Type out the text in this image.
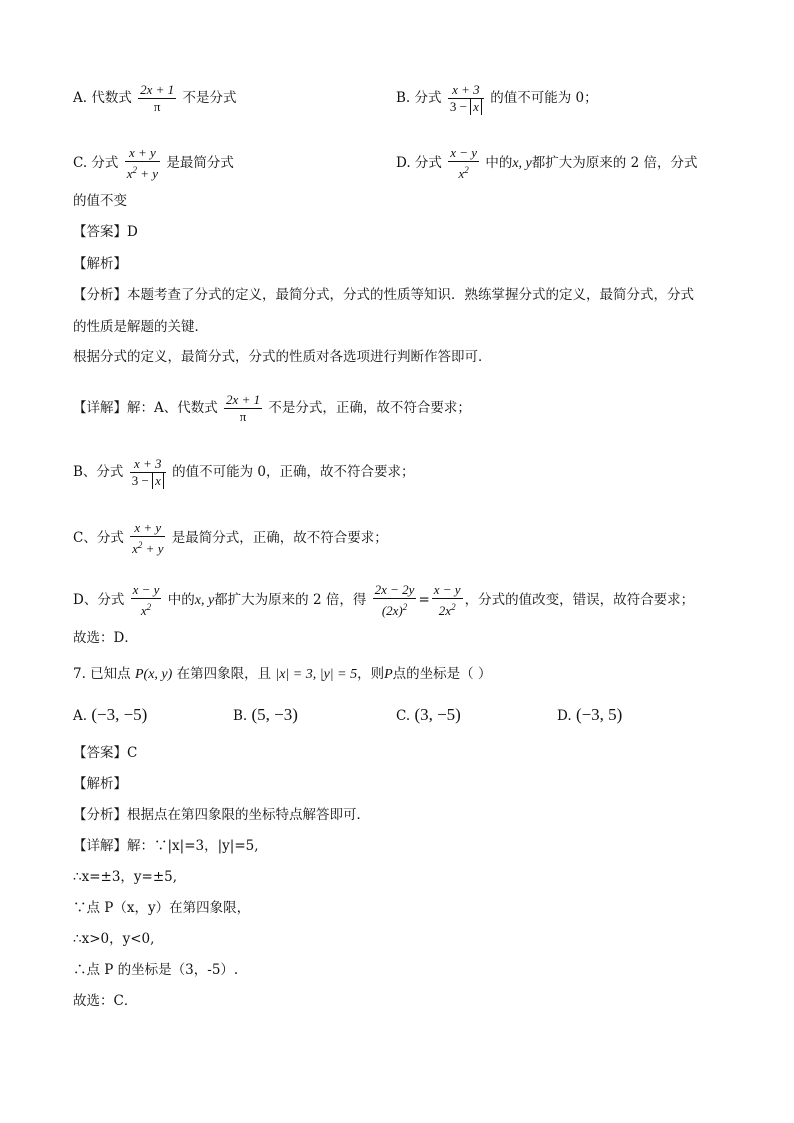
A. 代数式 $\frac{2x + 1}{\pi}$ 不是分式	B. 分式 $\frac{x + 3}{3 - x}$ 的值不可能为 0；
C. 分式 $\frac{x + y}{x^2 + y}$ 是最简分式	D. 分式 $\frac{x - y}{x^2}$ 中的x, y都扩大为原来的 2 倍，分式
的值不变
【答案】D
【解析】
【分析】本题考查了分式的定义，最简分式，分式的性质等知识．熟练掌握分式的定义，最简分式，分式
的性质是解题的关键．
根据分式的定义，最简分式，分式的性质对各选项进行判断作答即可．
【详解】解：A、代数式 $\frac{2x + 1}{\pi}$ 不是分式，正确，故不符合要求；
B、分式 $\frac{x + 3}{3 - x}$ 的值不可能为 0，正确，故不符合要求；
C、分式 $\frac{x + y}{x^2 + y}$ 是最简分式，正确，故不符合要求；
D、分式 $\frac{x - y}{x^2}$ 中的x, y都扩大为原来的 2 倍，得 $\frac{2x - 2y}{(2x)^2} = \frac{x - y}{2x^2}$ ，分式的值改变，错误，故符合要求；
故选：D．
7. 已知点 P(x, y) 在第四象限，且 |x| = 3, |y| = 5，则P点的坐标是（ ）
A. (−3, −5)	B. (5, −3)	C. (3, −5)	D. (−3, 5)
【答案】C
【解析】
【分析】根据点在第四象限的坐标特点解答即可．
【详解】解：∵|x|=3，|y|=5,
∴x=±3，y=±5,
∵点 P（x，y）在第四象限，
∴x>0，y<0,
∴点 P 的坐标是（3，-5）.
故选：C．
